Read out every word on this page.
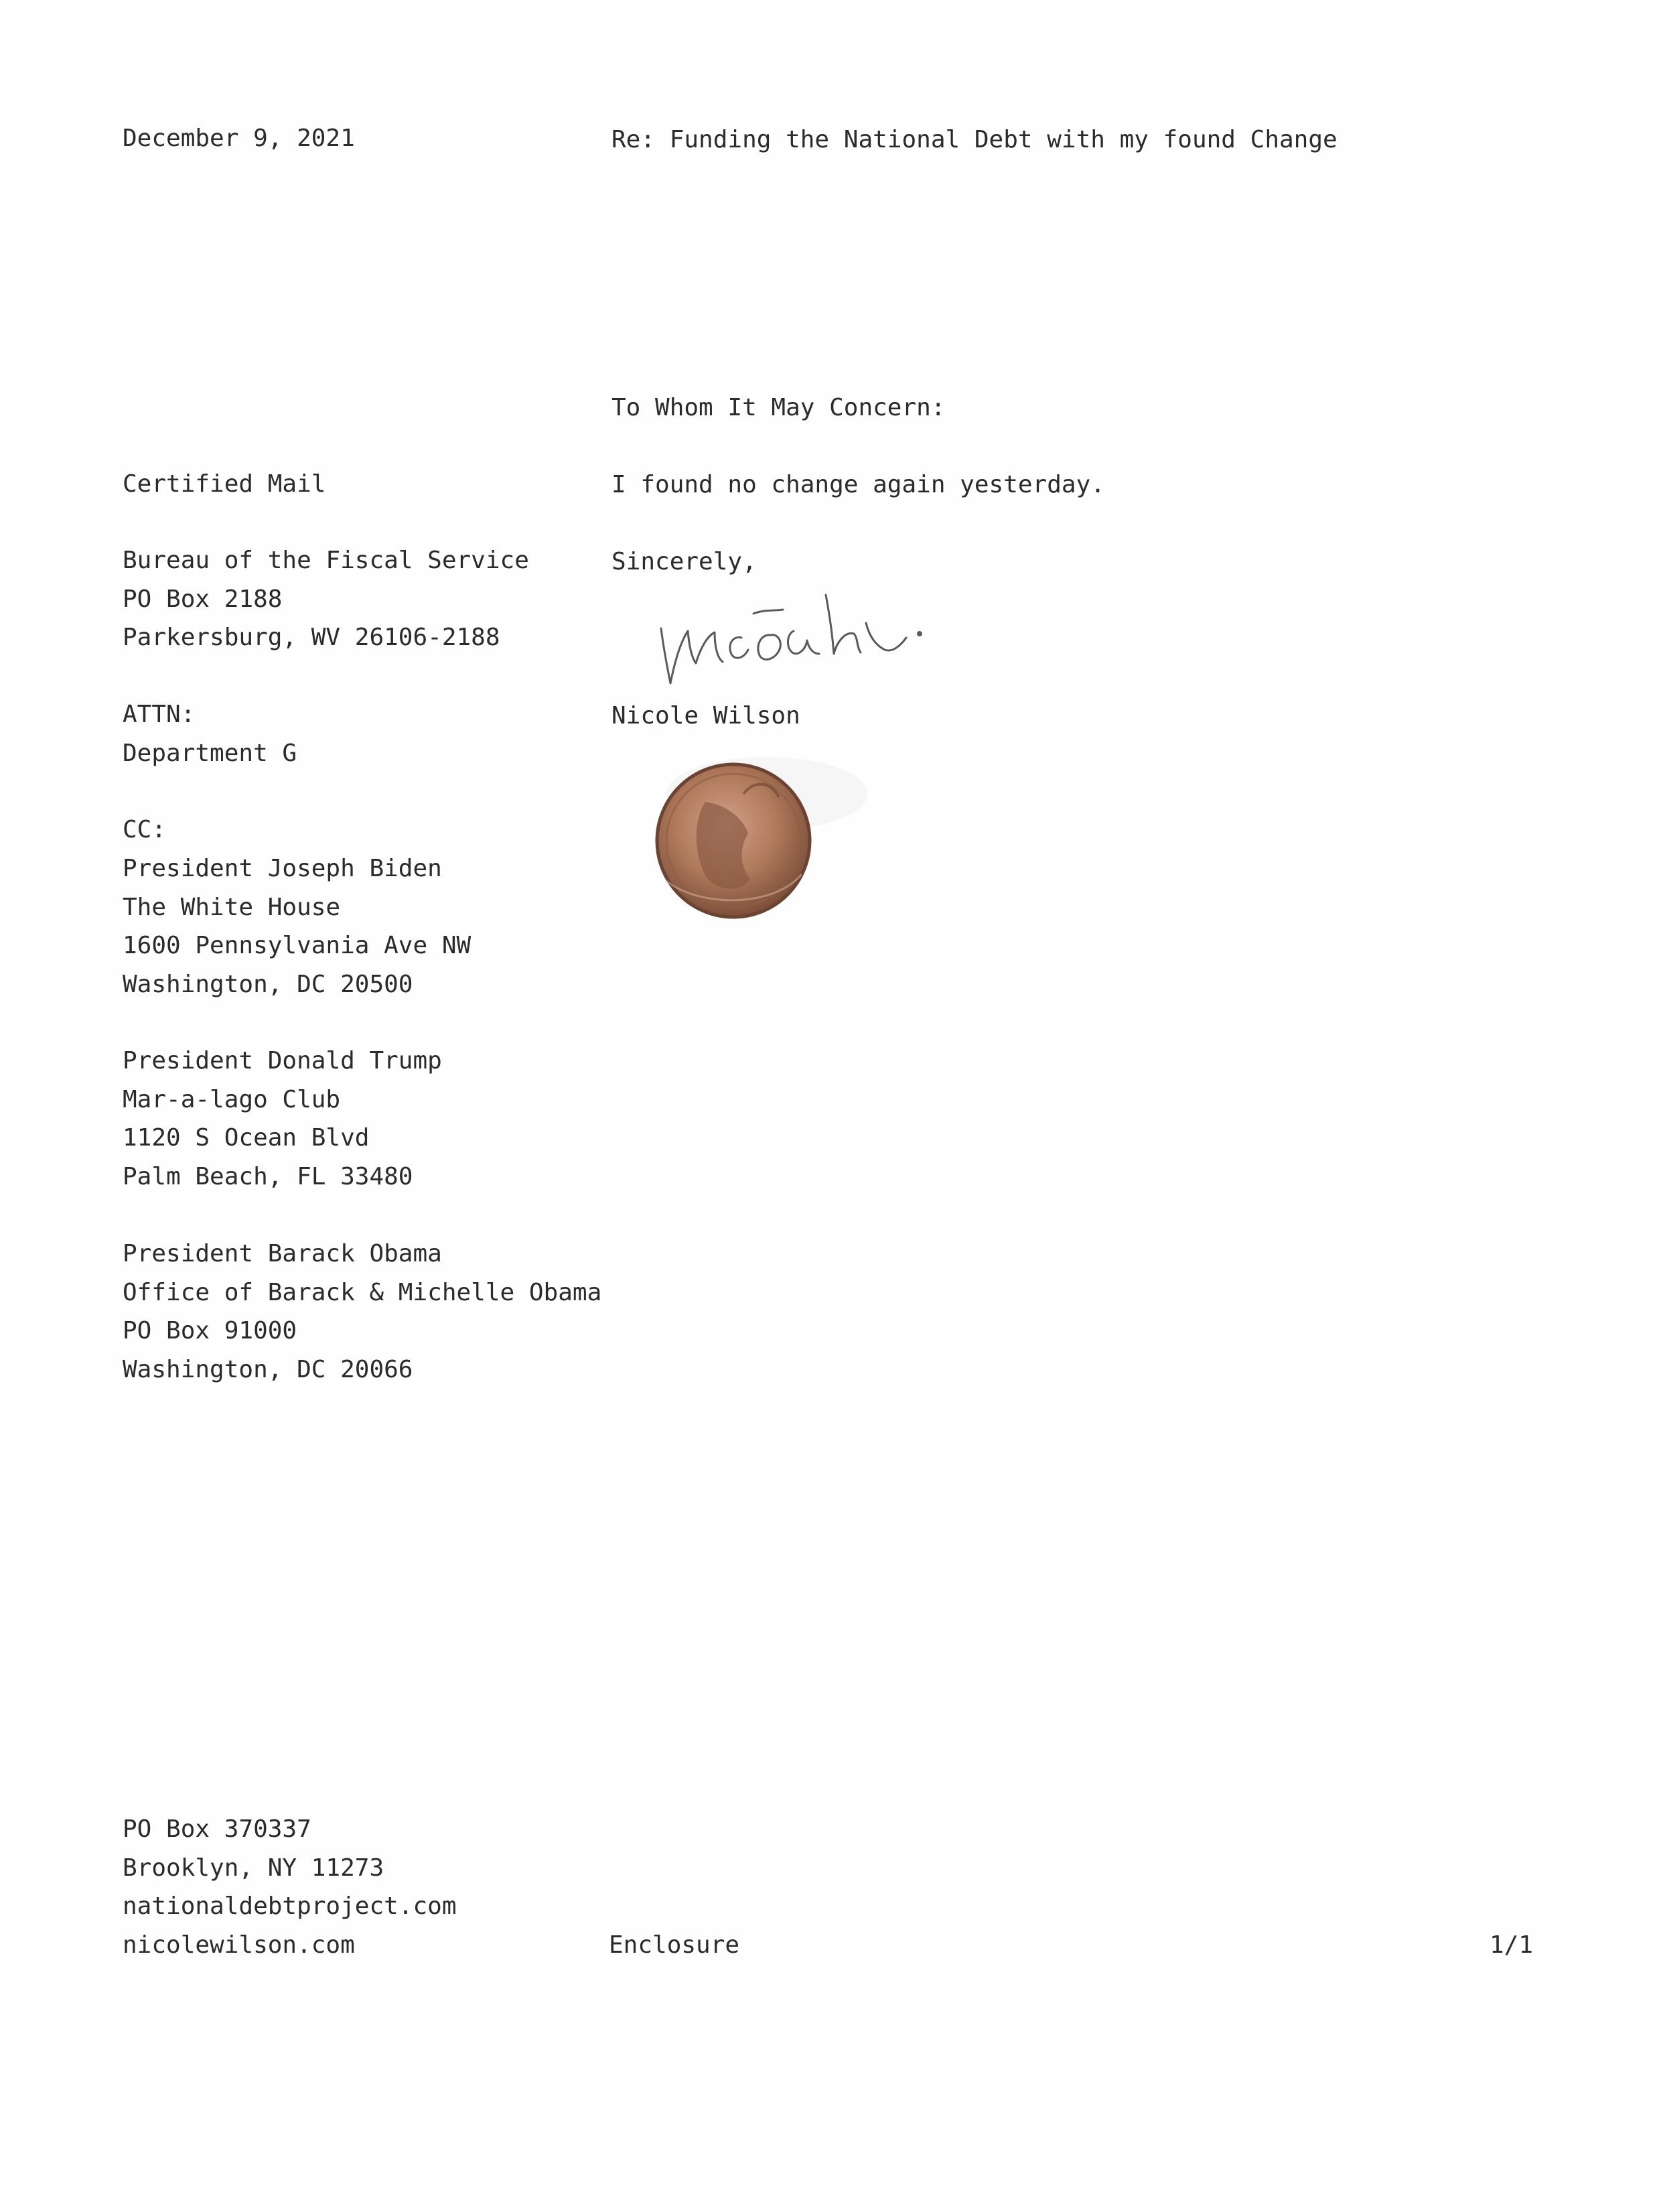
December 9, 2021	Re: Funding the National Debt with my found Change
To Whom It May Concern:
I found no change again yesterday.
Sincerely,
Nicole Wilson
Certified Mail
Bureau of the Fiscal Service
PO Box 2188
Parkersburg, WV 26106-2188
ATTN:
Department G
CC:
President Joseph Biden
The White House
1600 Pennsylvania Ave NW
Washington, DC 20500
President Donald Trump
Mar-a-lago Club
1120 S Ocean Blvd
Palm Beach, FL 33480
President Barack Obama
Office of Barack & Michelle Obama
PO Box 91000
Washington, DC 20066
PO Box 370337
Brooklyn, NY 11273
nationaldebtproject.com
nicolewilson.com	Enclosure	1/1
